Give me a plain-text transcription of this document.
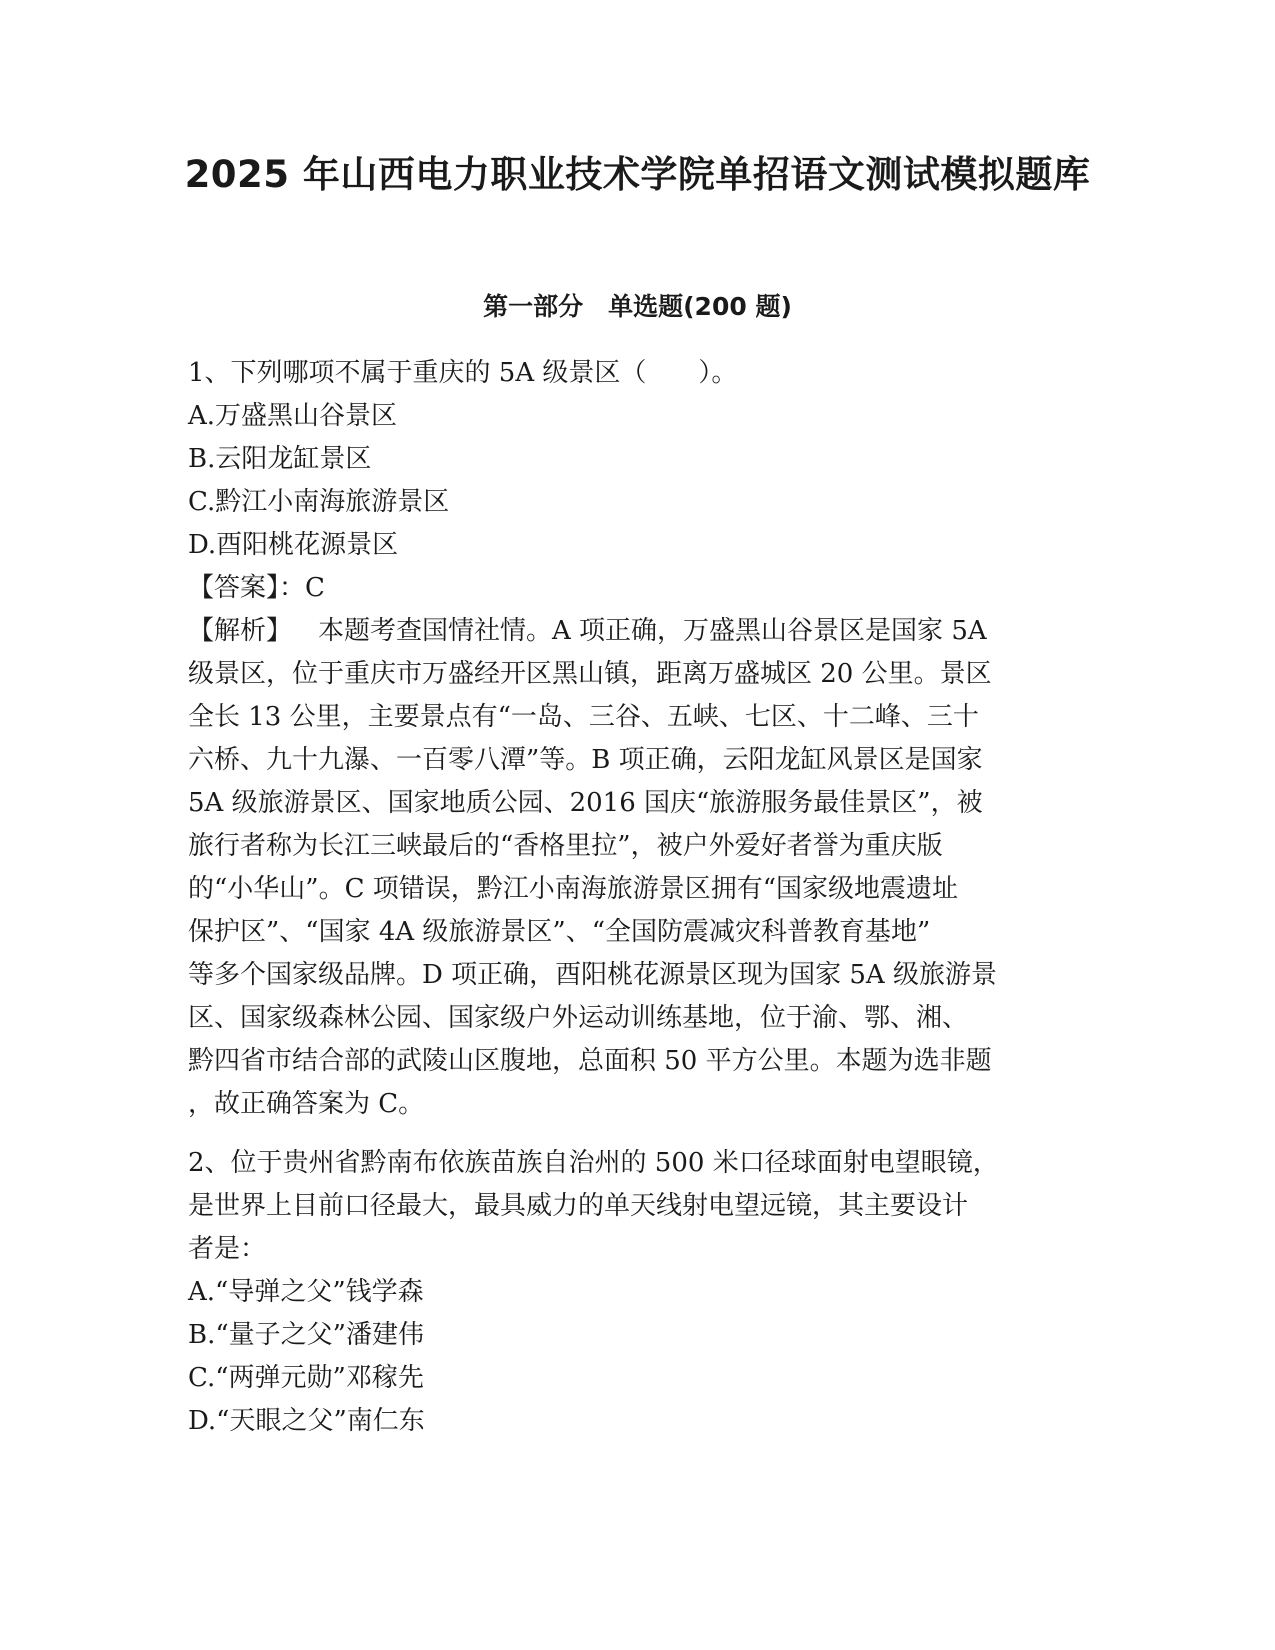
2025 年山西电力职业技术学院单招语文测试模拟题库
第一部分　单选题(200 题)
1、下列哪项不属于重庆的 5A 级景区（　　）。
A.万盛黑山谷景区
B.云阳龙缸景区
C.黔江小南海旅游景区
D.酉阳桃花源景区
【答案】：C
【解析】 本题考查国情社情。A 项正确，万盛黑山谷景区是国家 5A
级景区，位于重庆市万盛经开区黑山镇，距离万盛城区 20 公里。景区
全长 13 公里，主要景点有“一岛、三谷、五峡、七区、十二峰、三十
六桥、九十九瀑、一百零八潭”等。B 项正确，云阳龙缸风景区是国家
5A 级旅游景区、国家地质公园、2016 国庆“旅游服务最佳景区”，被
旅行者称为长江三峡最后的“香格里拉”，被户外爱好者誉为重庆版
的“小华山”。C 项错误，黔江小南海旅游景区拥有“国家级地震遗址
保护区”、“国家 4A 级旅游景区”、“全国防震减灾科普教育基地”
等多个国家级品牌。D 项正确，酉阳桃花源景区现为国家 5A 级旅游景
区、国家级森林公园、国家级户外运动训练基地，位于渝、鄂、湘、
黔四省市结合部的武陵山区腹地，总面积 50 平方公里。本题为选非题
，故正确答案为 C。
2、位于贵州省黔南布依族苗族自治州的 500 米口径球面射电望眼镜，
是世界上目前口径最大，最具威力的单天线射电望远镜，其主要设计
者是：
A.“导弹之父”钱学森
B.“量子之父”潘建伟
C.“两弹元勋”邓稼先
D.“天眼之父”南仁东
